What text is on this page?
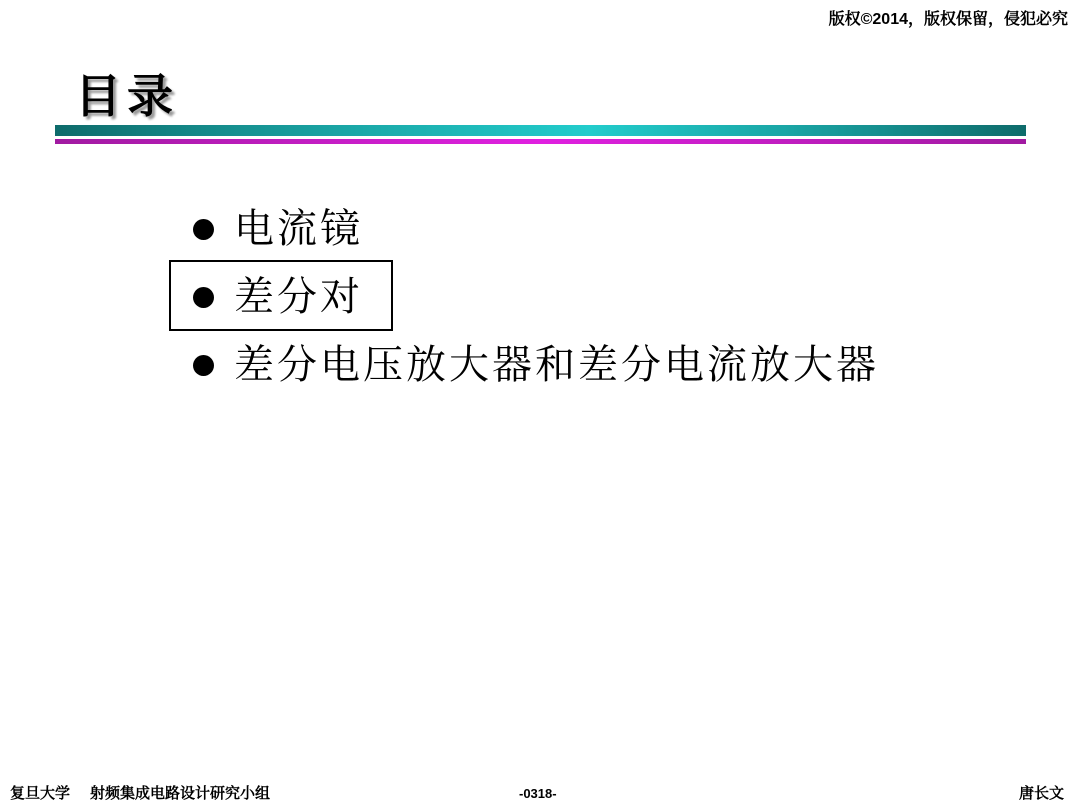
版权©2014，版权保留，侵犯必究
目录
电流镜
差分对
差分电压放大器和差分电流放大器
复旦大学 射频集成电路设计研究小组	-0318-	唐长文
